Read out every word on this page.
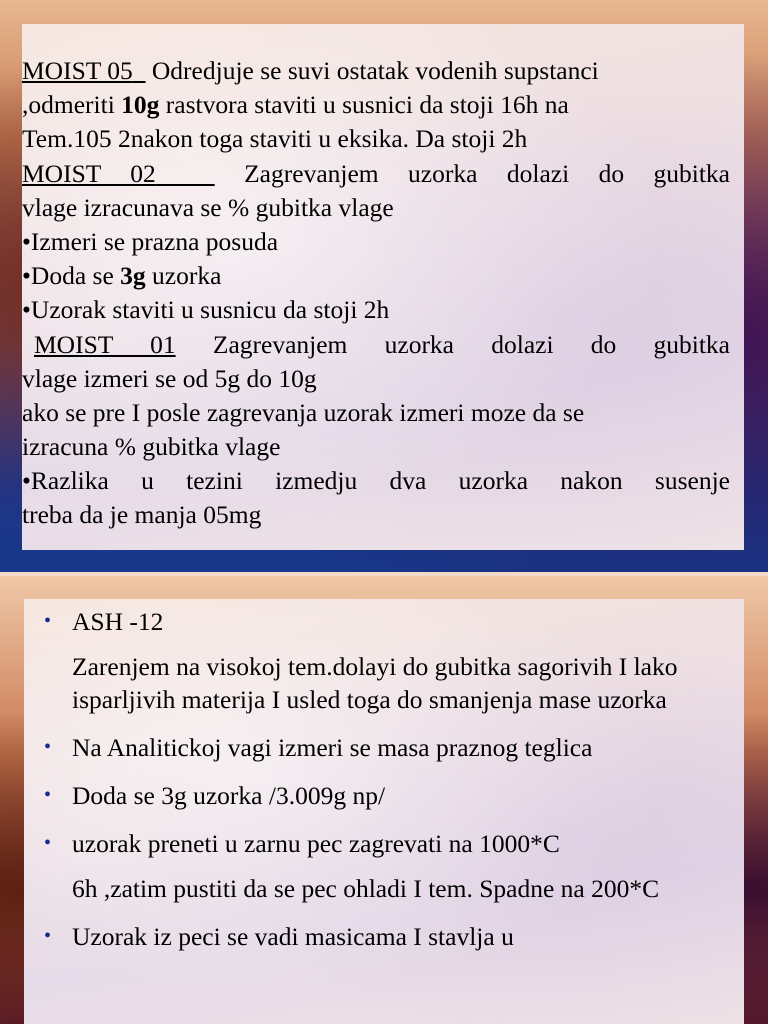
MOIST 05 Odredjuje se suvi ostatak vodenih supstanci
,odmeriti 10g rastvora staviti u susnici da stoji 16h na
Tem.105 2nakon toga staviti u eksika. Da stoji 2h
MOIST 02	Zagrevanjem uzorka dolazi do gubitka
vlage izracunava se % gubitka vlage
•Izmeri se prazna posuda
•Doda se 3g uzorka
•Uzorak staviti u susnicu da stoji 2h
MOIST 01 Zagrevanjem uzorka dolazi do gubitka
vlage izmeri se od 5g do 10g
ako se pre I posle zagrevanja uzorak izmeri moze da se
izracuna % gubitka vlage
•Razlika u tezini izmedju dva uzorka nakon susenje
treba da je manja 05mg
• ASH -12
Zarenjem na visokoj tem.dolayi do gubitka sagorivih I lako isparljivih materija I usled toga do smanjenja mase uzorka
• Na Analitickoj vagi izmeri se masa praznog teglica
• Doda se 3g uzorka /3.009g np/
• uzorak preneti u zarnu pec zagrevati na 1000*C
6h ,zatim pustiti da se pec ohladi I tem. Spadne na 200*C
• Uzorak iz peci se vadi masicama I stavlja u
